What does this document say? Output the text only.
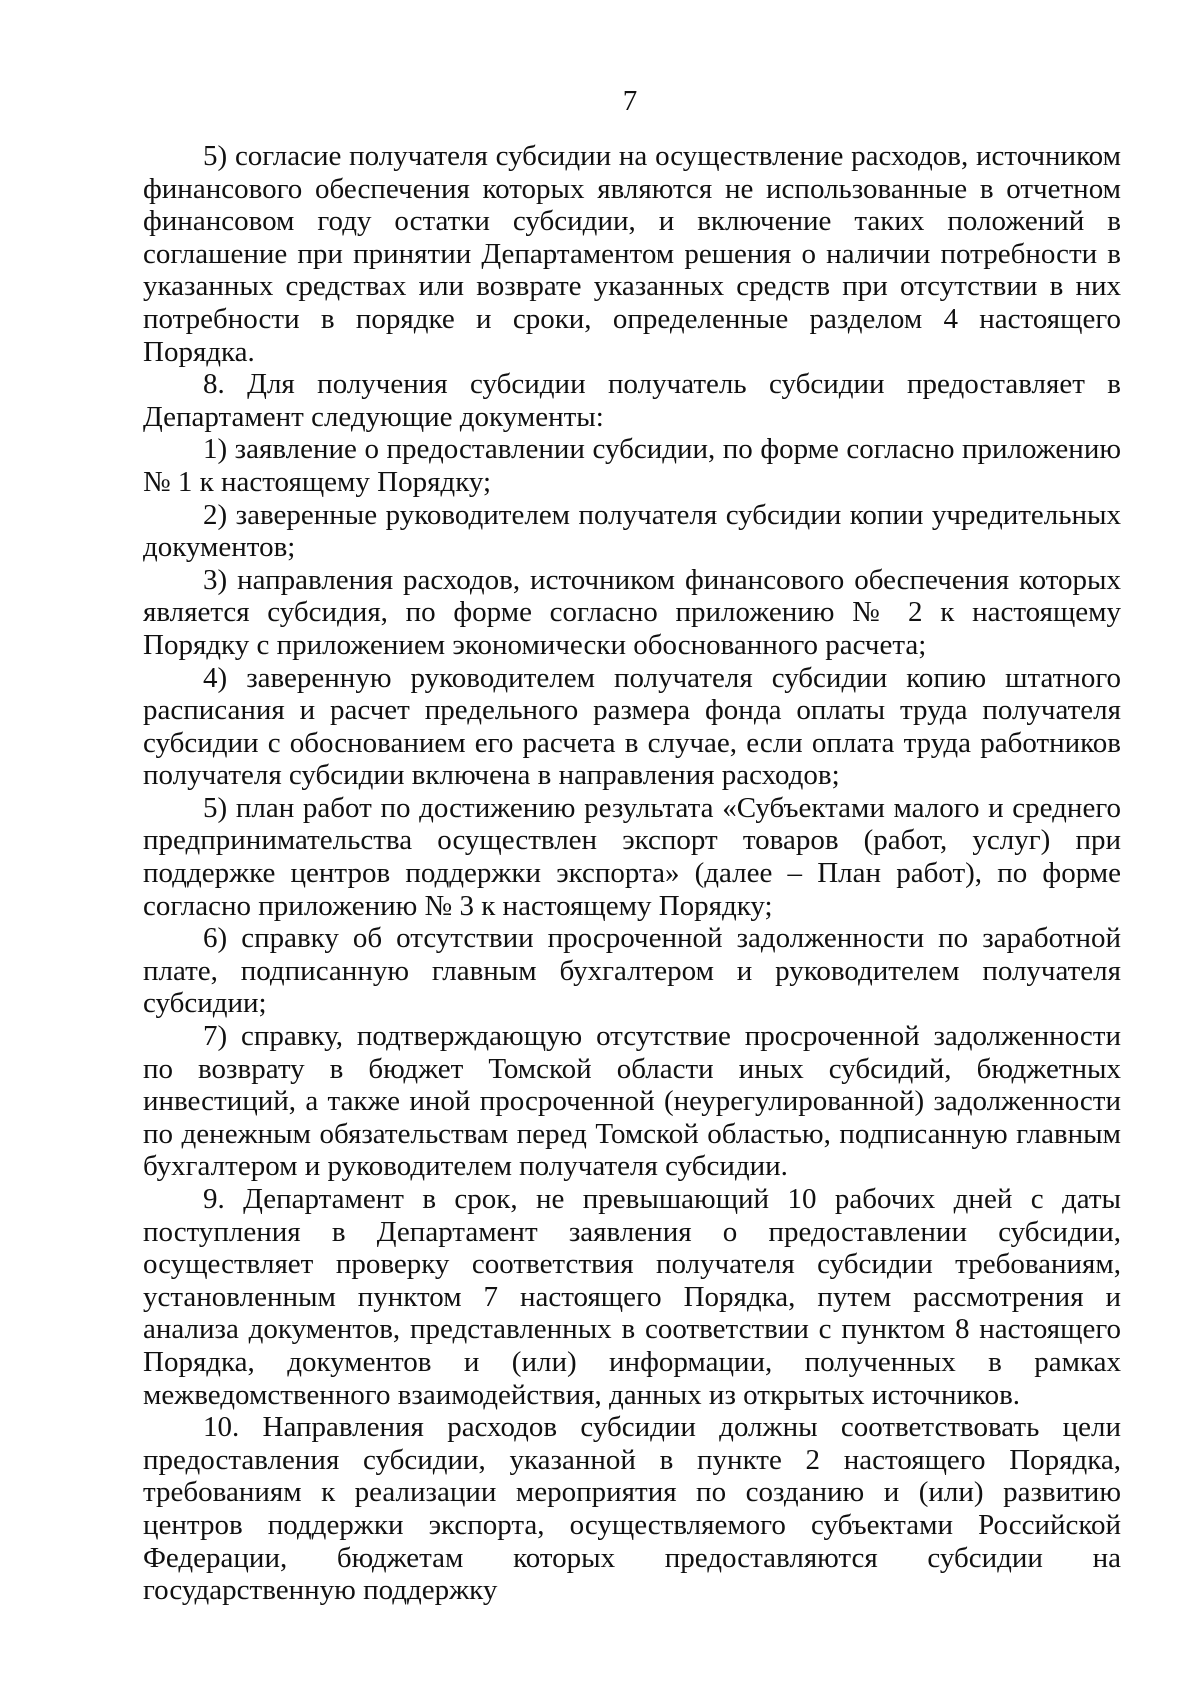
7

5) согласие получателя субсидии на осуществление расходов, источником финансового обеспечения которых являются не использованные в отчетном финансовом году остатки субсидии, и включение таких положений в соглашение при принятии Департаментом решения о наличии потребности в указанных средствах или возврате указанных средств при отсутствии в них потребности в порядке и сроки, определенные разделом 4 настоящего Порядка.

8. Для получения субсидии получатель субсидии предоставляет в Департамент следующие документы:

1) заявление о предоставлении субсидии, по форме согласно приложению № 1 к настоящему Порядку;

2) заверенные руководителем получателя субсидии копии учредительных документов;

3) направления расходов, источником финансового обеспечения которых является субсидия, по форме согласно приложению № 2 к настоящему Порядку с приложением экономически обоснованного расчета;

4) заверенную руководителем получателя субсидии копию штатного расписания и расчет предельного размера фонда оплаты труда получателя субсидии с обоснованием его расчета в случае, если оплата труда работников получателя субсидии включена в направления расходов;

5) план работ по достижению результата «Субъектами малого и среднего предпринимательства осуществлен экспорт товаров (работ, услуг) при поддержке центров поддержки экспорта» (далее – План работ), по форме согласно приложению № 3 к настоящему Порядку;

6) справку об отсутствии просроченной задолженности по заработной плате, подписанную главным бухгалтером и руководителем получателя субсидии;

7) справку, подтверждающую отсутствие просроченной задолженности по возврату в бюджет Томской области иных субсидий, бюджетных инвестиций, а также иной просроченной (неурегулированной) задолженности по денежным обязательствам перед Томской областью, подписанную главным бухгалтером и руководителем получателя субсидии.

9. Департамент в срок, не превышающий 10 рабочих дней с даты поступления в Департамент заявления о предоставлении субсидии, осуществляет проверку соответствия получателя субсидии требованиям, установленным пунктом 7 настоящего Порядка, путем рассмотрения и анализа документов, представленных в соответствии с пунктом 8 настоящего Порядка, документов и (или) информации, полученных в рамках межведомственного взаимодействия, данных из открытых источников.

10. Направления расходов субсидии должны соответствовать цели предоставления субсидии, указанной в пункте 2 настоящего Порядка, требованиям к реализации мероприятия по созданию и (или) развитию центров поддержки экспорта, осуществляемого субъектами Российской Федерации, бюджетам которых предоставляются субсидии на государственную поддержку
